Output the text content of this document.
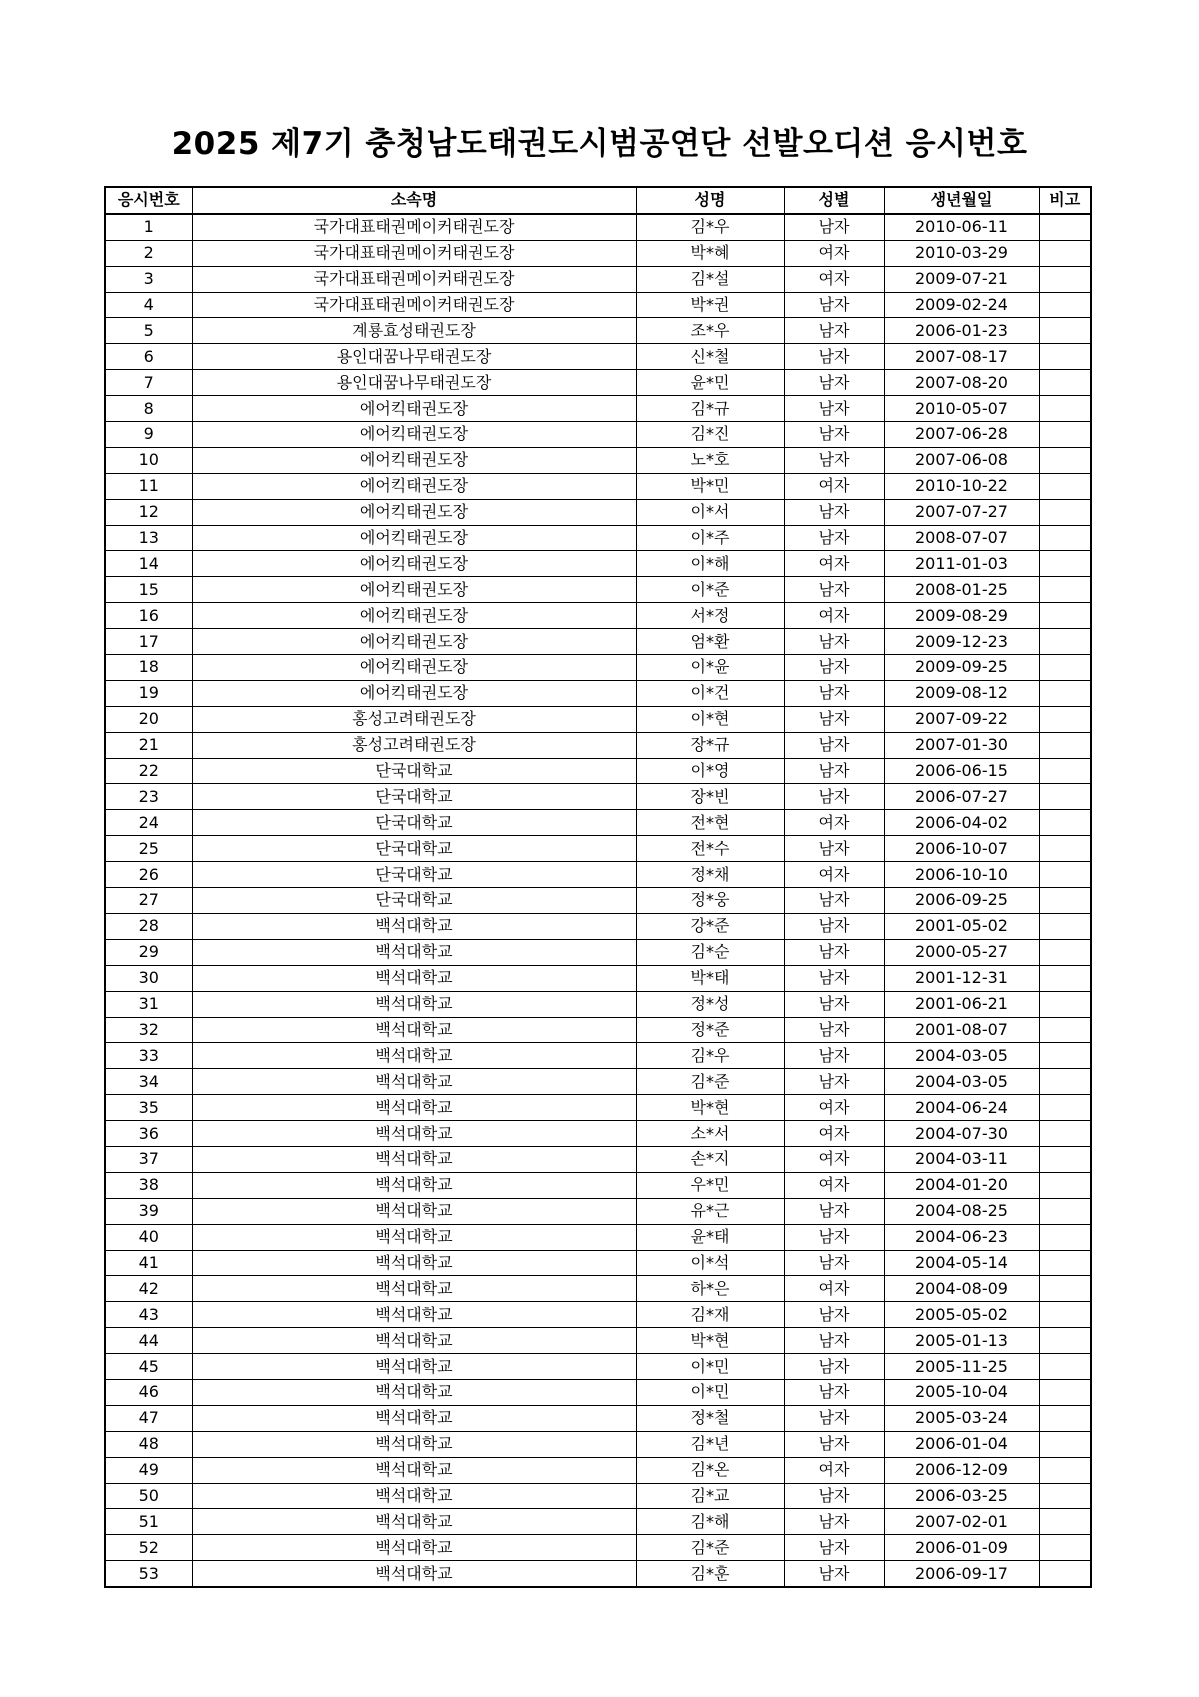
2025 제7기 충청남도태권도시범공연단 선발오디션 응시번호
응시번호	소속명	성명	성별	생년월일	비고
1	국가대표태권메이커태권도장	김*우	남자	2010-06-11	
2	국가대표태권메이커태권도장	박*혜	여자	2010-03-29	
3	국가대표태권메이커태권도장	김*설	여자	2009-07-21	
4	국가대표태권메이커태권도장	박*권	남자	2009-02-24	
5	계룡효성태권도장	조*우	남자	2006-01-23	
6	용인대꿈나무태권도장	신*철	남자	2007-08-17	
7	용인대꿈나무태권도장	윤*민	남자	2007-08-20	
8	에어킥태권도장	김*규	남자	2010-05-07	
9	에어킥태권도장	김*진	남자	2007-06-28	
10	에어킥태권도장	노*호	남자	2007-06-08	
11	에어킥태권도장	박*민	여자	2010-10-22	
12	에어킥태권도장	이*서	남자	2007-07-27	
13	에어킥태권도장	이*주	남자	2008-07-07	
14	에어킥태권도장	이*해	여자	2011-01-03	
15	에어킥태권도장	이*준	남자	2008-01-25	
16	에어킥태권도장	서*정	여자	2009-08-29	
17	에어킥태권도장	엄*환	남자	2009-12-23	
18	에어킥태권도장	이*윤	남자	2009-09-25	
19	에어킥태권도장	이*건	남자	2009-08-12	
20	홍성고려태권도장	이*현	남자	2007-09-22	
21	홍성고려태권도장	장*규	남자	2007-01-30	
22	단국대학교	이*영	남자	2006-06-15	
23	단국대학교	장*빈	남자	2006-07-27	
24	단국대학교	전*현	여자	2006-04-02	
25	단국대학교	전*수	남자	2006-10-07	
26	단국대학교	정*채	여자	2006-10-10	
27	단국대학교	정*웅	남자	2006-09-25	
28	백석대학교	강*준	남자	2001-05-02	
29	백석대학교	김*순	남자	2000-05-27	
30	백석대학교	박*태	남자	2001-12-31	
31	백석대학교	정*성	남자	2001-06-21	
32	백석대학교	정*준	남자	2001-08-07	
33	백석대학교	김*우	남자	2004-03-05	
34	백석대학교	김*준	남자	2004-03-05	
35	백석대학교	박*현	여자	2004-06-24	
36	백석대학교	소*서	여자	2004-07-30	
37	백석대학교	손*지	여자	2004-03-11	
38	백석대학교	우*민	여자	2004-01-20	
39	백석대학교	유*근	남자	2004-08-25	
40	백석대학교	윤*태	남자	2004-06-23	
41	백석대학교	이*석	남자	2004-05-14	
42	백석대학교	하*은	여자	2004-08-09	
43	백석대학교	김*재	남자	2005-05-02	
44	백석대학교	박*현	남자	2005-01-13	
45	백석대학교	이*민	남자	2005-11-25	
46	백석대학교	이*민	남자	2005-10-04	
47	백석대학교	정*철	남자	2005-03-24	
48	백석대학교	김*년	남자	2006-01-04	
49	백석대학교	김*온	여자	2006-12-09	
50	백석대학교	김*교	남자	2006-03-25	
51	백석대학교	김*해	남자	2007-02-01	
52	백석대학교	김*준	남자	2006-01-09	
53	백석대학교	김*훈	남자	2006-09-17	
